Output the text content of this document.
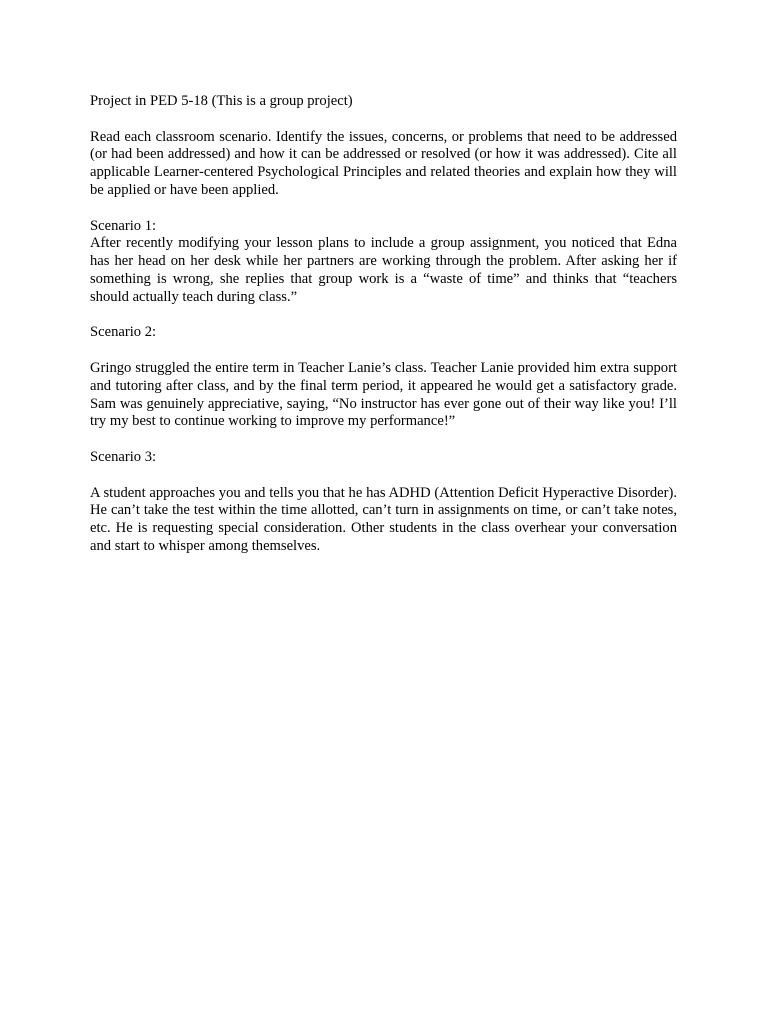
Project in PED 5-18 (This is a group project)

Read each classroom scenario. Identify the issues, concerns, or problems that need to be addressed (or had been addressed) and how it can be addressed or resolved (or how it was addressed). Cite all applicable Learner-centered Psychological Principles and related theories and explain how they will be applied or have been applied.

Scenario 1:

After recently modifying your lesson plans to include a group assignment, you noticed that Edna has her head on her desk while her partners are working through the problem. After asking her if something is wrong, she replies that group work is a “waste of time” and thinks that “teachers should actually teach during class.”

Scenario 2:

Gringo struggled the entire term in Teacher Lanie’s class. Teacher Lanie provided him extra support and tutoring after class, and by the final term period, it appeared he would get a satisfactory grade. Sam was genuinely appreciative, saying, “No instructor has ever gone out of their way like you! I’ll try my best to continue working to improve my performance!”

Scenario 3:

A student approaches you and tells you that he has ADHD (Attention Deficit Hyperactive Disorder). He can’t take the test within the time allotted, can’t turn in assignments on time, or can’t take notes, etc. He is requesting special consideration. Other students in the class overhear your conversation and start to whisper among themselves.
